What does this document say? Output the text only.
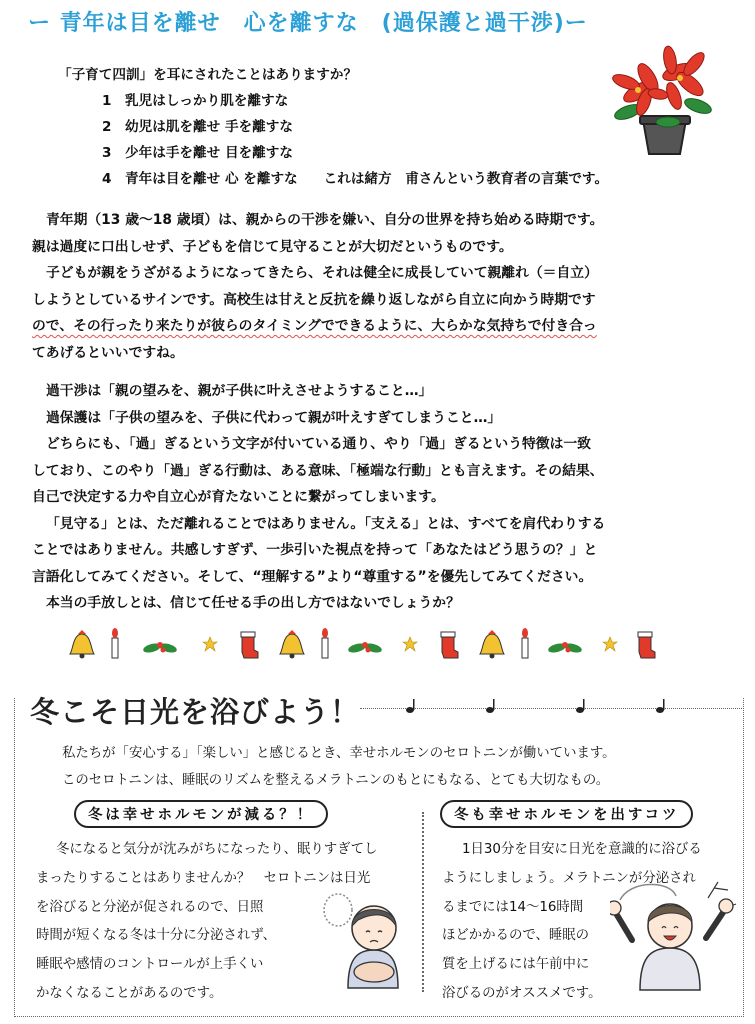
ー 青年は目を離せ　心を離すな　(過保護と過干渉)ー
「子育て四訓」を耳にされたことはありますか？
1　乳児はしっかり肌を離すな
2　幼児は肌を離せ 手を離すな
3　少年は手を離せ 目を離すな
4　青年は目を離せ 心 を離すな これは緒方　甫さんという教育者の言葉です。
青年期（13 歳～18 歳頃）は、親からの干渉を嫌い、自分の世界を持ち始める時期です。
親は過度に口出しせず、子どもを信じて見守ることが大切だというものです。
子どもが親をうざがるようになってきたら、それは健全に成長していて親離れ（＝自立）
しようとしているサインです。高校生は甘えと反抗を繰り返しながら自立に向かう時期です
ので、その行ったり来たりが彼らのタイミングでできるように、大らかな気持ちで付き合っ
てあげるといいですね。
過干渉は「親の望みを、親が子供に叶えさせようすること…」
過保護は「子供の望みを、子供に代わって親が叶えすぎてしまうこと…」
どちらにも、「過」ぎるという文字が付いている通り、やり「過」ぎるという特徴は一致
しており、このやり「過」ぎる行動は、ある意味、「極端な行動」とも言えます。その結果、
自己で決定する力や自立心が育たないことに繋がってしまいます。
「見守る」とは、ただ離れることではありません。「支える」とは、すべてを肩代わりする
ことではありません。共感しすぎず、一歩引いた視点を持って「あなたはどう思うの？」と
言語化してみてください。そして、“理解する”より“尊重する”を優先してみてください。
本当の手放しとは、信じて任せる手の出し方ではないでしょうか？
冬こそ日光を浴びよう！
私たちが「安心する」「楽しい」と感じるとき、幸せホルモンのセロトニンが働いています。
このセロトニンは、睡眠のリズムを整えるメラトニンのもとにもなる、とても大切なもの。
冬は幸せホルモンが減る？！	冬も幸せホルモンを出すコツ
冬になると気分が沈みがちになったり、眠りすぎてし
まったりすることはありませんか？　セロトニンは日光
を浴びると分泌が促されるので、日照
時間が短くなる冬は十分に分泌されず、
睡眠や感情のコントロールが上手くい
かなくなることがあるのです。
1日30分を目安に日光を意識的に浴びる
ようにしましょう。メラトニンが分泌され
るまでには14～16時間
ほどかかるので、睡眠の
質を上げるには午前中に
浴びるのがオススメです。
